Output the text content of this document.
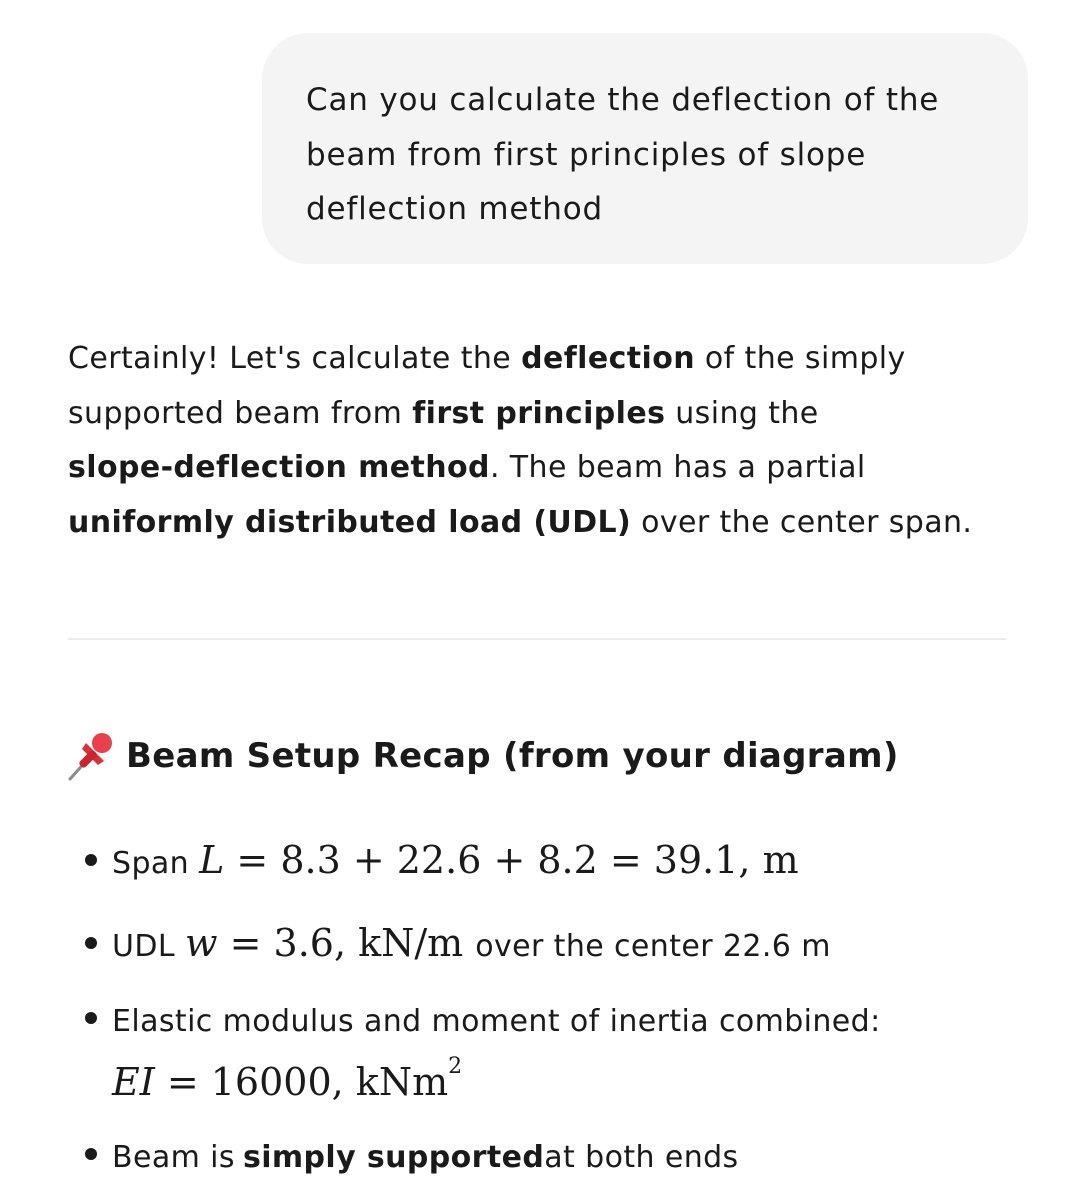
Can you calculate the deflection of the
beam from first principles of slope
deflection method

Certainly! Let's calculate the deflection of the simply
supported beam from first principles using the
slope-deflection method. The beam has a partial
uniformly distributed load (UDL) over the center span.

Beam Setup Recap (from your diagram)
Span L = 8.3 + 22.6 + 8.2 = 39.1, m
UDL w = 3.6, kN/m over the center 22.6 m
Elastic modulus and moment of inertia combined:
EI = 16000, kNm$^2$
Beam is simply supported at both ends
